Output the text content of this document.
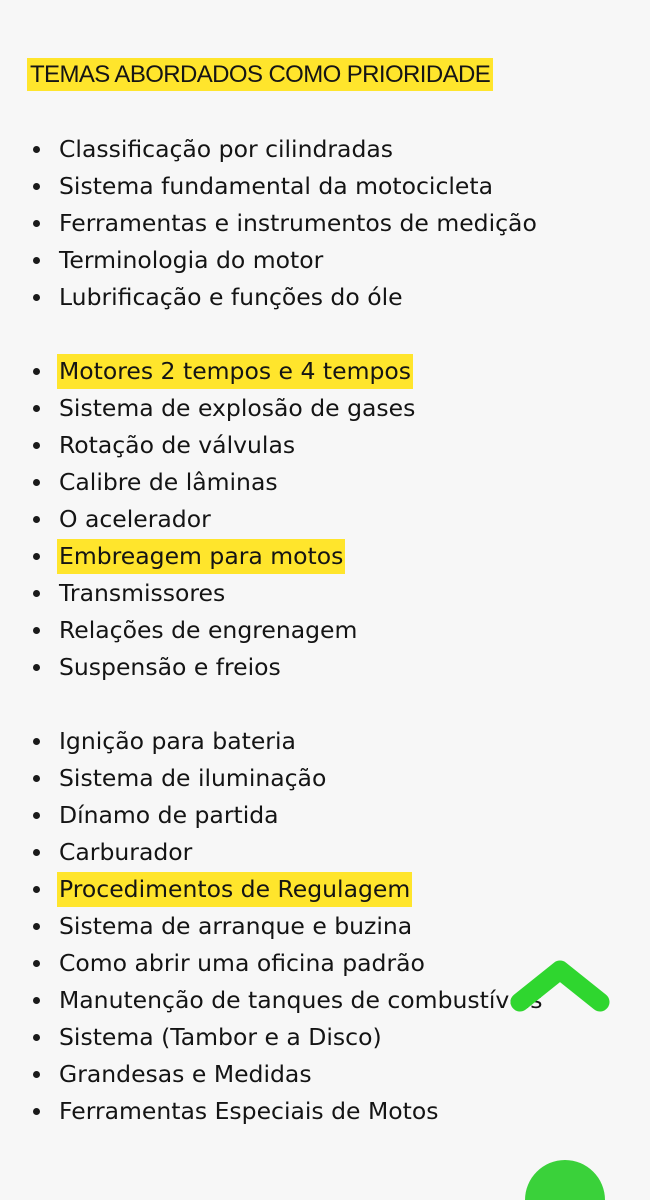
TEMAS ABORDADOS COMO PRIORIDADE
Classificação por cilindradas
Sistema fundamental da motocicleta
Ferramentas e instrumentos de medição
Terminologia do motor
Lubrificação e funções do óle
Motores 2 tempos e 4 tempos
Sistema de explosão de gases
Rotação de válvulas
Calibre de lâminas
O acelerador
Embreagem para motos
Transmissores
Relações de engrenagem
Suspensão e freios
Ignição para bateria
Sistema de iluminação
Dínamo de partida
Carburador
Procedimentos de Regulagem
Sistema de arranque e buzina
Como abrir uma oficina padrão
Manutenção de tanques de combustíveis
Sistema (Tambor e a Disco)
Grandesas e Medidas
Ferramentas Especiais de Motos
